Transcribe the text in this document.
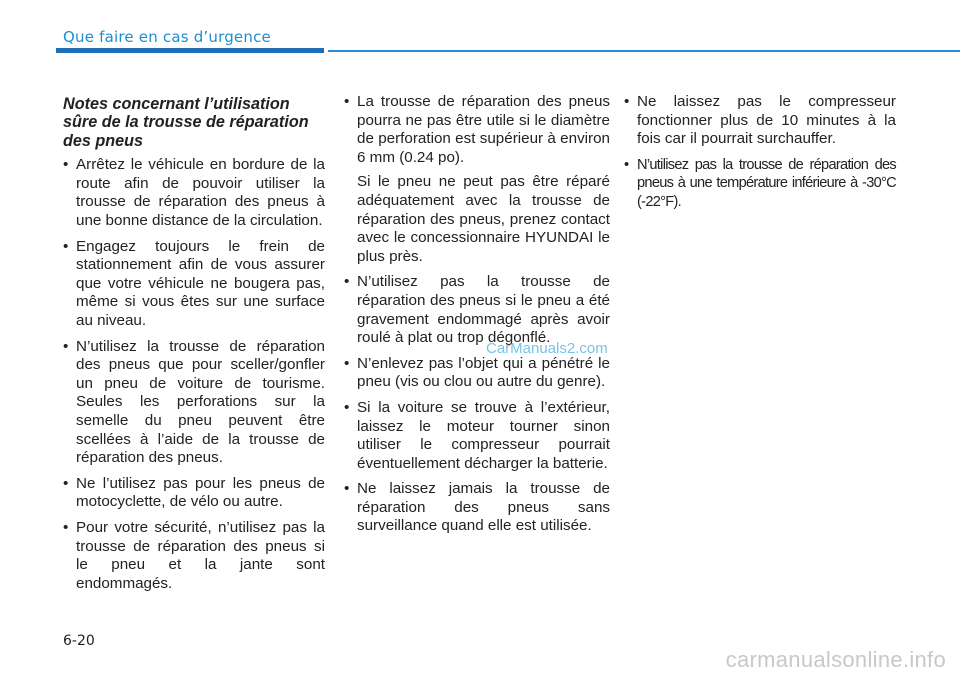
Que faire en cas d’urgence
Notes concernant l’utilisation sûre de la trousse de réparation des pneus
• Arrêtez le véhicule en bordure de la route afin de pouvoir utiliser la trousse de réparation des pneus à une bonne distance de la circulation.
• Engagez toujours le frein de stationnement afin de vous assurer que votre véhicule ne bougera pas, même si vous êtes sur une surface au niveau.
• N’utilisez la trousse de réparation des pneus que pour sceller/gonfler un pneu de voiture de tourisme. Seules les perforations sur la semelle du pneu peuvent être scellées à l’aide de la trousse de réparation des pneus.
• Ne l’utilisez pas pour les pneus de motocyclette, de vélo ou autre.
• Pour votre sécurité, n’utilisez pas la trousse de réparation des pneus si le pneu et la jante sont endommagés.
• La trousse de réparation des pneus pourra ne pas être utile si le diamètre de perforation est supérieur à environ 6 mm (0.24 po).
Si le pneu ne peut pas être réparé adéquatement avec la trousse de réparation des pneus, prenez contact avec le concessionnaire HYUNDAI le plus près.
• N’utilisez pas la trousse de réparation des pneus si le pneu a été gravement endommagé après avoir roulé à plat ou trop dégonflé.
• N’enlevez pas l’objet qui a pénétré le pneu (vis ou clou ou autre du genre).
• Si la voiture se trouve à l’extérieur, laissez le moteur tourner sinon utiliser le compresseur pourrait éventuellement décharger la batterie.
• Ne laissez jamais la trousse de réparation des pneus sans surveillance quand elle est utilisée.
• Ne laissez pas le compresseur fonctionner plus de 10 minutes à la fois car il pourrait surchauffer.
• N’utilisez pas la trousse de réparation des pneus à une température inférieure à -30°C (-22°F).
CarManuals2.com
6-20
carmanualsonline.info
